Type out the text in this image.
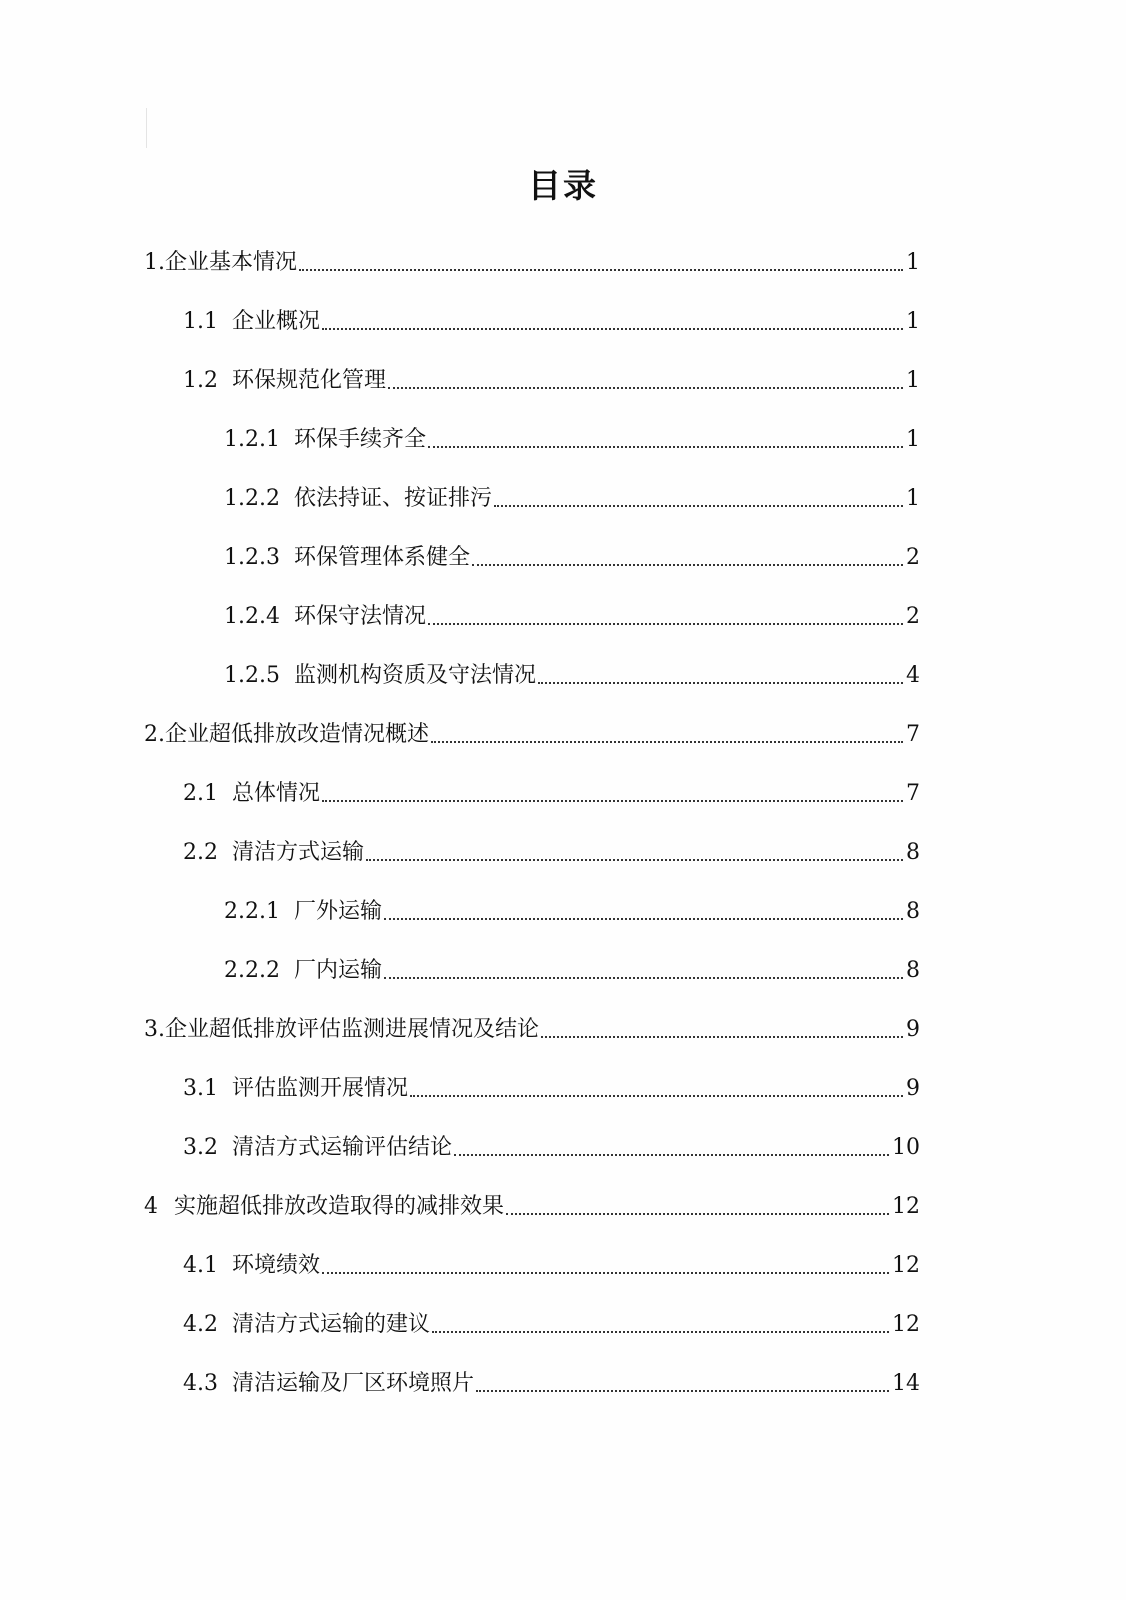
目录
1.企业基本情况	1
1.1 企业概况	1
1.2 环保规范化管理	1
1.2.1 环保手续齐全	1
1.2.2 依法持证、按证排污	1
1.2.3 环保管理体系健全	2
1.2.4 环保守法情况	2
1.2.5 监测机构资质及守法情况	4
2.企业超低排放改造情况概述	7
2.1 总体情况	7
2.2 清洁方式运输	8
2.2.1 厂外运输	8
2.2.2 厂内运输	8
3.企业超低排放评估监测进展情况及结论	9
3.1 评估监测开展情况	9
3.2 清洁方式运输评估结论	10
4 实施超低排放改造取得的减排效果	12
4.1 环境绩效	12
4.2 清洁方式运输的建议	12
4.3 清洁运输及厂区环境照片	14
